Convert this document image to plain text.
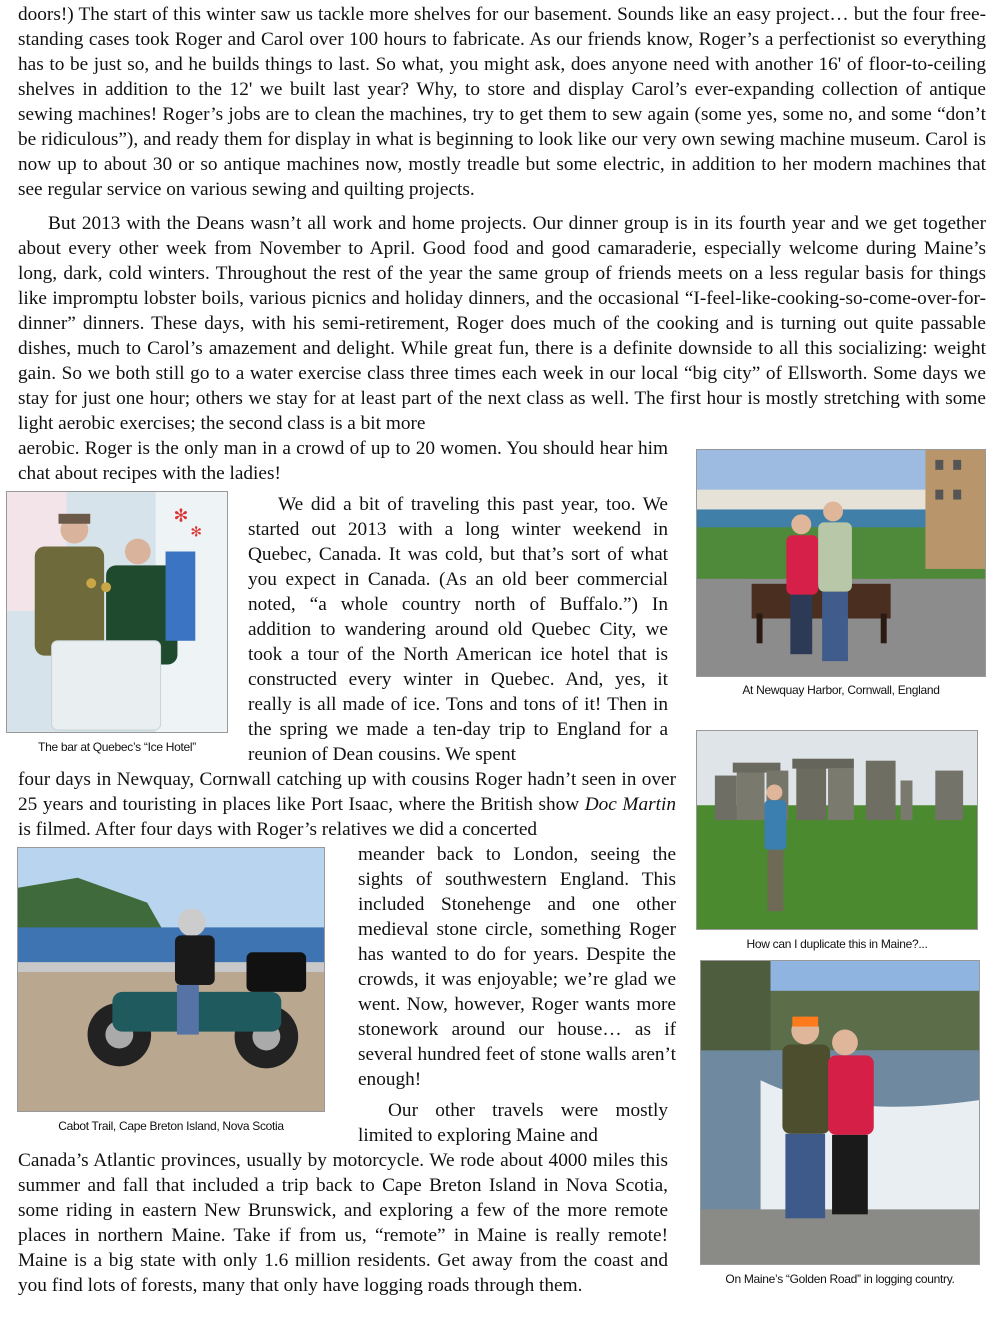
doors!) The start of this winter saw us tackle more shelves for our basement. Sounds like an easy project… but the four free-standing cases took Roger and Carol over 100 hours to fabricate. As our friends know, Roger’s a perfectionist so everything has to be just so, and he builds things to last. So what, you might ask, does anyone need with another 16' of floor-to-ceiling shelves in addition to the 12' we built last year? Why, to store and display Carol’s ever-expanding collection of antique sewing machines! Roger’s jobs are to clean the machines, try to get them to sew again (some yes, some no, and some “don’t be ridiculous”), and ready them for display in what is beginning to look like our very own sewing machine museum. Carol is now up to about 30 or so antique machines now, mostly treadle but some electric, in addition to her modern machines that see regular service on various sewing and quilting projects.

But 2013 with the Deans wasn’t all work and home projects. Our dinner group is in its fourth year and we get together about every other week from November to April. Good food and good camaraderie, especially welcome during Maine’s long, dark, cold winters. Throughout the rest of the year the same group of friends meets on a less regular basis for things like impromptu lobster boils, various picnics and holiday dinners, and the occasional “I-feel-like-cooking-so-come-over-for-dinner” dinners. These days, with his semi-retirement, Roger does much of the cooking and is turning out quite passable dishes, much to Carol’s amazement and delight. While great fun, there is a definite downside to all this socializing: weight gain. So we both still go to a water exercise class three times each week in our local “big city” of Ellsworth. Some days we stay for just one hour; others we stay for at least part of the next class as well. The first hour is mostly stretching with some light aerobic exercises; the second class is a bit more

aerobic. Roger is the only man in a crowd of up to 20 women. You should hear him chat about recipes with the ladies!

We did a bit of traveling this past year, too. We started out 2013 with a long winter weekend in Quebec, Canada. It was cold, but that’s sort of what you expect in Canada. (As an old beer commercial noted, “a whole country north of Buffalo.”) In addition to wandering around old Quebec City, we took a tour of the North American ice hotel that is constructed every winter in Quebec. And, yes, it really is all made of ice. Tons and tons of it! Then in the spring we made a ten-day trip to England for a reunion of Dean cousins. We spent

four days in Newquay, Cornwall catching up with cousins Roger hadn’t seen in over 25 years and touristing in places like Port Isaac, where the British show Doc Martin is filmed. After four days with Roger’s relatives we did a concerted

meander back to London, seeing the sights of southwestern England. This included Stonehenge and one other medieval stone circle, something Roger has wanted to do for years. Despite the crowds, it was enjoyable; we’re glad we went. Now, however, Roger wants more stonework around our house… as if several hundred feet of stone walls aren’t enough!

Our other travels were mostly limited to exploring Maine and

Canada’s Atlantic provinces, usually by motorcycle. We rode about 4000 miles this summer and fall that included a trip back to Cape Breton Island in Nova Scotia, some riding in eastern New Brunswick, and exploring a few of the more remote places in northern Maine. Take if from us, “remote” in Maine is really remote! Maine is a big state with only 1.6 million residents. Get away from the coast and you find lots of forests, many that only have logging roads through them.

✻
✻
The bar at Quebec’s “Ice Hotel”
At Newquay Harbor, Cornwall, England
How can I duplicate this in Maine?...
Cabot Trail, Cape Breton Island, Nova Scotia
On Maine’s “Golden Road” in logging country.
